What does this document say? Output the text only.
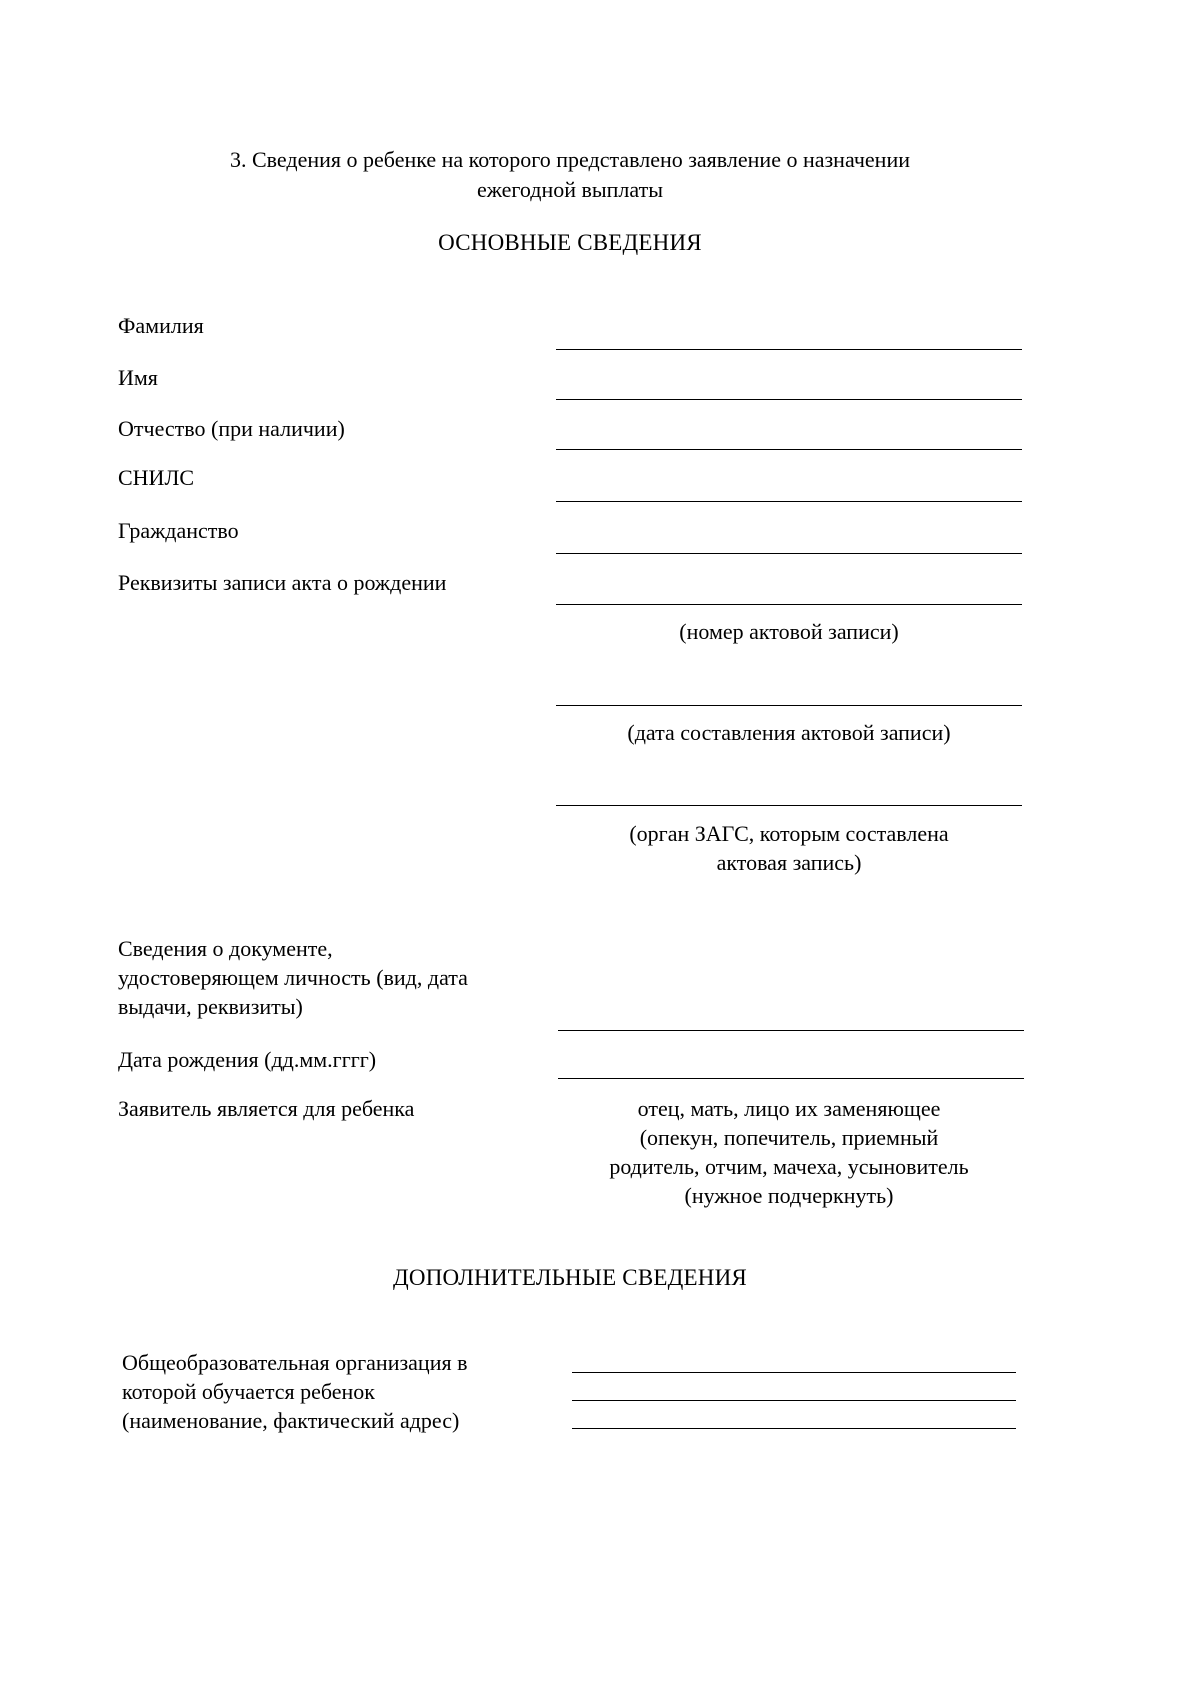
3. Сведения о ребенке на которого представлено заявление о назначении
ежегодной выплаты
ОСНОВНЫЕ СВЕДЕНИЯ
Фамилия
Имя
Отчество (при наличии)
СНИЛС
Гражданство
Реквизиты записи акта о рождении
(номер актовой записи)
(дата составления актовой записи)
(орган ЗАГС, которым составлена
актовая запись)
Сведения о документе,
удостоверяющем личность (вид, дата
выдачи, реквизиты)
Дата рождения (дд.мм.гггг)
Заявитель является для ребенка	отец, мать, лицо их заменяющее
(опекун, попечитель, приемный
родитель, отчим, мачеха, усыновитель
(нужное подчеркнуть)
ДОПОЛНИТЕЛЬНЫЕ СВЕДЕНИЯ
Общеобразовательная организация в
которой обучается ребенок
(наименование, фактический адрес)
